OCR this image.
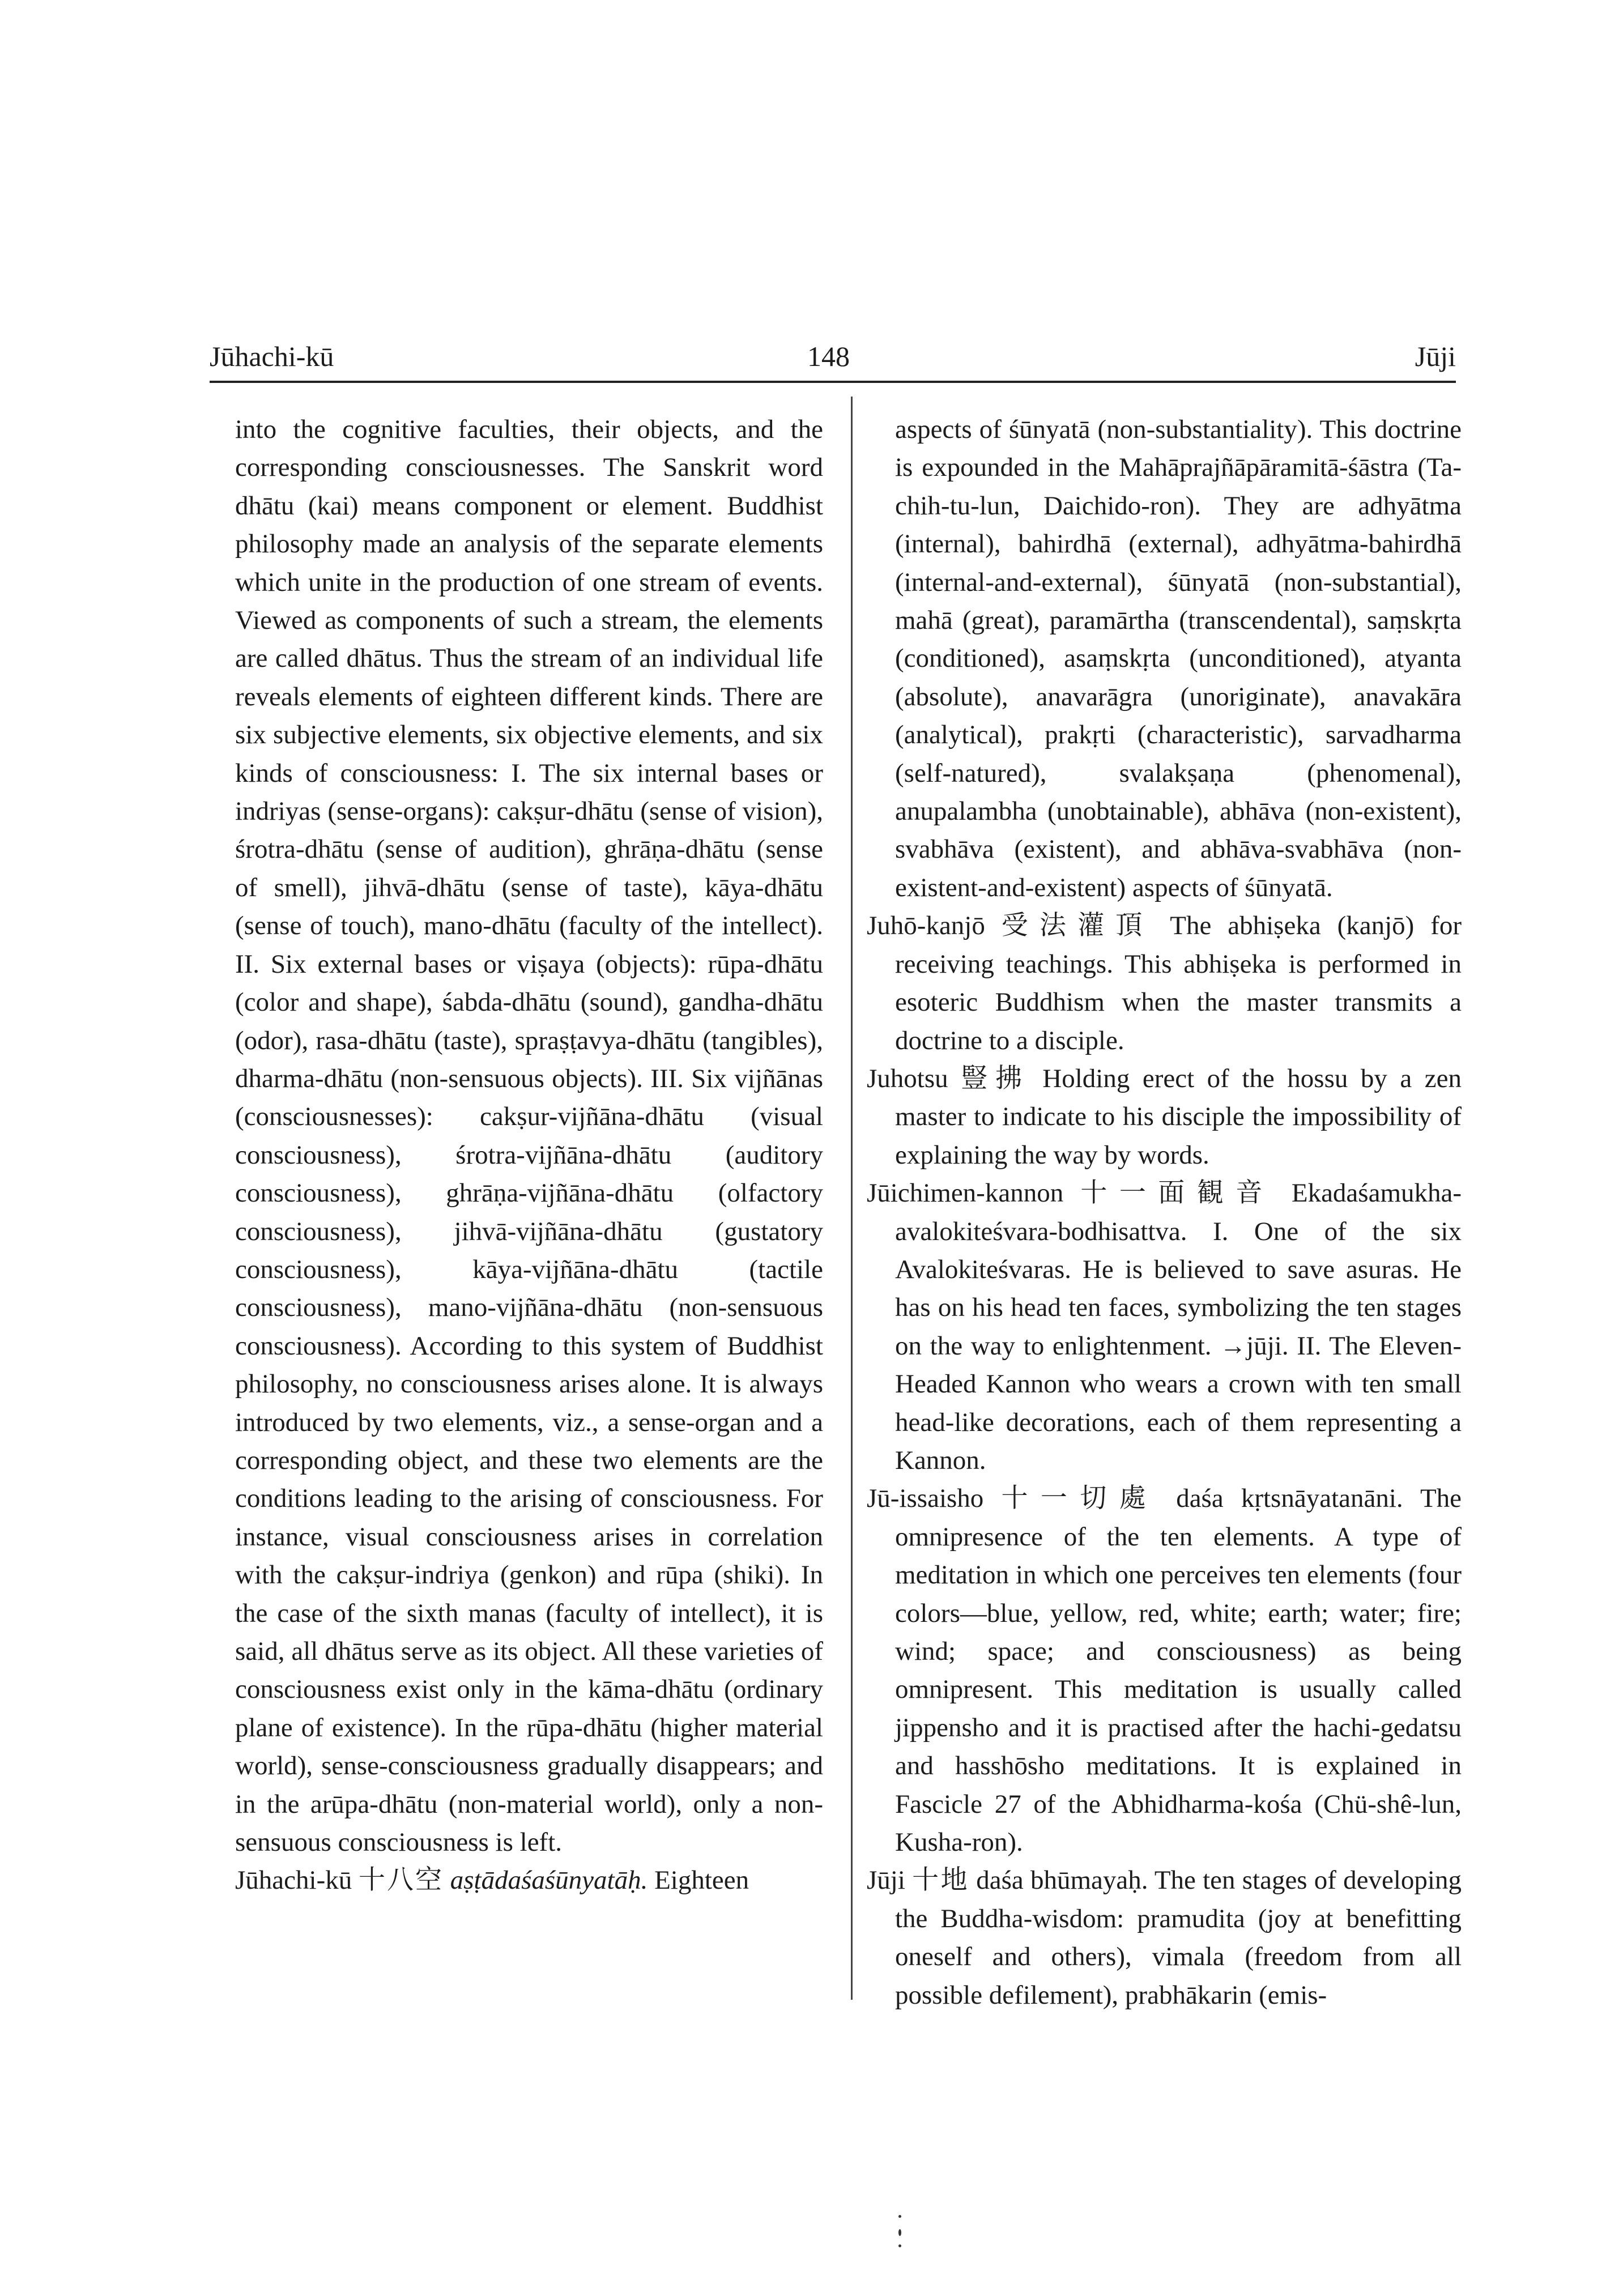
Jūhachi-kū	148	Jūji

into the cognitive faculties, their objects, and the corresponding consciousnesses. The Sanskrit word dhātu (kai) means component or element. Buddhist philosophy made an analysis of the separate elements which unite in the production of one stream of events. Viewed as components of such a stream, the elements are called dhātus. Thus the stream of an individual life reveals elements of eighteen different kinds. There are six subjective elements, six objective elements, and six kinds of consciousness: I. The six internal bases or indriyas (sense-organs): cakṣur-dhātu (sense of vision), śrotra-dhātu (sense of audition), ghrāṇa-dhātu (sense of smell), jihvā-dhātu (sense of taste), kāya-dhātu (sense of touch), mano-dhātu (faculty of the intellect). II. Six external bases or viṣaya (objects): rūpa-dhātu (color and shape), śabda-dhātu (sound), gandha-dhātu (odor), rasa-dhātu (taste), spraṣṭavya-dhātu (tangibles), dharma-dhātu (non-sensuous objects). III. Six vijñānas (consciousnesses): cakṣur-vijñāna-dhātu (visual consciousness), śrotra-vijñāna-dhātu (auditory consciousness), ghrāṇa-vijñāna-dhātu (olfactory consciousness), jihvā-vijñāna-dhātu (gustatory consciousness), kāya-vijñāna-dhātu (tactile consciousness), mano-vijñāna-dhātu (non-sensuous consciousness). According to this system of Buddhist philosophy, no consciousness arises alone. It is always introduced by two elements, viz., a sense-organ and a corresponding object, and these two elements are the conditions leading to the arising of consciousness. For instance, visual consciousness arises in correlation with the cakṣur-indriya (genkon) and rūpa (shiki). In the case of the sixth manas (faculty of intellect), it is said, all dhātus serve as its object. All these varieties of consciousness exist only in the kāma-dhātu (ordinary plane of existence). In the rūpa-dhātu (higher material world), sense-consciousness gradually disappears; and in the arūpa-dhātu (non-material world), only a non-sensuous consciousness is left.

Jūhachi-kū 十八空 aṣṭādaśaśūnyatāḥ. Eighteen

aspects of śūnyatā (non-substantiality). This doctrine is expounded in the Mahāprajñāpāramitā-śāstra (Ta-chih-tu-lun, Daichido-ron). They are adhyātma (internal), bahirdhā (external), adhyātma-bahirdhā (internal-and-external), śūnyatā (non-substantial), mahā (great), paramārtha (transcendental), saṃskṛta (conditioned), asaṃskṛta (unconditioned), atyanta (absolute), anavarāgra (unoriginate), anavakāra (analytical), prakṛti (characteristic), sarvadharma (self-natured), svalakṣaṇa (phenomenal), anupalambha (unobtainable), abhāva (non-existent), svabhāva (existent), and abhāva-svabhāva (non-existent-and-existent) aspects of śūnyatā.

Juhō-kanjō 受法灌頂 The abhiṣeka (kanjō) for receiving teachings. This abhiṣeka is performed in esoteric Buddhism when the master transmits a doctrine to a disciple.

Juhotsu 豎拂 Holding erect of the hossu by a zen master to indicate to his disciple the impossibility of explaining the way by words.

Jūichimen-kannon 十一面観音 Ekadaśamukha-avalokiteśvara-bodhisattva. I. One of the six Avalokiteśvaras. He is believed to save asuras. He has on his head ten faces, symbolizing the ten stages on the way to enlightenment. →jūji. II. The Eleven-Headed Kannon who wears a crown with ten small head-like decorations, each of them representing a Kannon.

Jū-issaisho 十一切處 daśa kṛtsnāyatanāni. The omnipresence of the ten elements. A type of meditation in which one perceives ten elements (four colors—blue, yellow, red, white; earth; water; fire; wind; space; and consciousness) as being omnipresent. This meditation is usually called jippensho and it is practised after the hachi-gedatsu and hasshōsho meditations. It is explained in Fascicle 27 of the Abhidharma-kośa (Chü-shê-lun, Kusha-ron).

Jūji 十地 daśa bhūmayaḥ. The ten stages of developing the Buddha-wisdom: pramudita (joy at benefitting oneself and others), vimala (freedom from all possible defilement), prabhākarin (emis-
